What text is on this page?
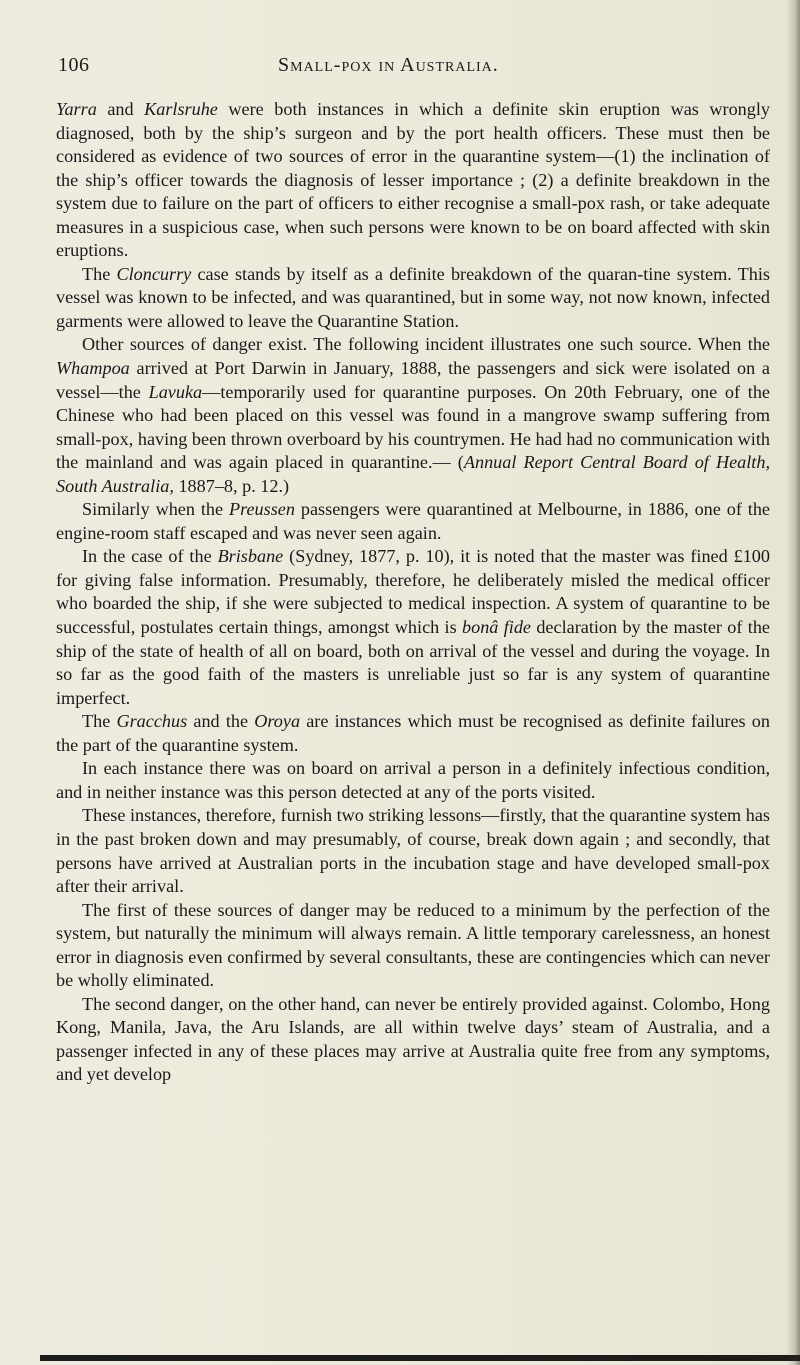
106	Small-pox in Australia.

Yarra and Karlsruhe were both instances in which a definite skin eruption was wrongly diagnosed, both by the ship’s surgeon and by the port health officers. These must then be considered as evidence of two sources of error in the quarantine system—(1) the inclination of the ship’s officer towards the diagnosis of lesser importance ; (2) a definite breakdown in the system due to failure on the part of officers to either recognise a small-pox rash, or take adequate measures in a suspicious case, when such persons were known to be on board affected with skin eruptions.

The Cloncurry case stands by itself as a definite breakdown of the quaran-tine system. This vessel was known to be infected, and was quarantined, but in some way, not now known, infected garments were allowed to leave the Quarantine Station.

Other sources of danger exist. The following incident illustrates one such source. When the Whampoa arrived at Port Darwin in January, 1888, the passengers and sick were isolated on a vessel—the Lavuka—temporarily used for quarantine purposes. On 20th February, one of the Chinese who had been placed on this vessel was found in a mangrove swamp suffering from small-pox, having been thrown overboard by his countrymen. He had had no communication with the mainland and was again placed in quarantine.— (Annual Report Central Board of Health, South Australia, 1887–8, p. 12.)

Similarly when the Preussen passengers were quarantined at Melbourne, in 1886, one of the engine-room staff escaped and was never seen again.

In the case of the Brisbane (Sydney, 1877, p. 10), it is noted that the master was fined £100 for giving false information. Presumably, therefore, he deliberately misled the medical officer who boarded the ship, if she were subjected to medical inspection. A system of quarantine to be successful, postulates certain things, amongst which is bonâ fide declaration by the master of the ship of the state of health of all on board, both on arrival of the vessel and during the voyage. In so far as the good faith of the masters is unreliable just so far is any system of quarantine imperfect.

The Gracchus and the Oroya are instances which must be recognised as definite failures on the part of the quarantine system.

In each instance there was on board on arrival a person in a definitely infectious condition, and in neither instance was this person detected at any of the ports visited.

These instances, therefore, furnish two striking lessons—firstly, that the quarantine system has in the past broken down and may presumably, of course, break down again ; and secondly, that persons have arrived at Australian ports in the incubation stage and have developed small-pox after their arrival.

The first of these sources of danger may be reduced to a minimum by the perfection of the system, but naturally the minimum will always remain. A little temporary carelessness, an honest error in diagnosis even confirmed by several consultants, these are contingencies which can never be wholly eliminated.

The second danger, on the other hand, can never be entirely provided against. Colombo, Hong Kong, Manila, Java, the Aru Islands, are all within twelve days’ steam of Australia, and a passenger infected in any of these places may arrive at Australia quite free from any symptoms, and yet develop
